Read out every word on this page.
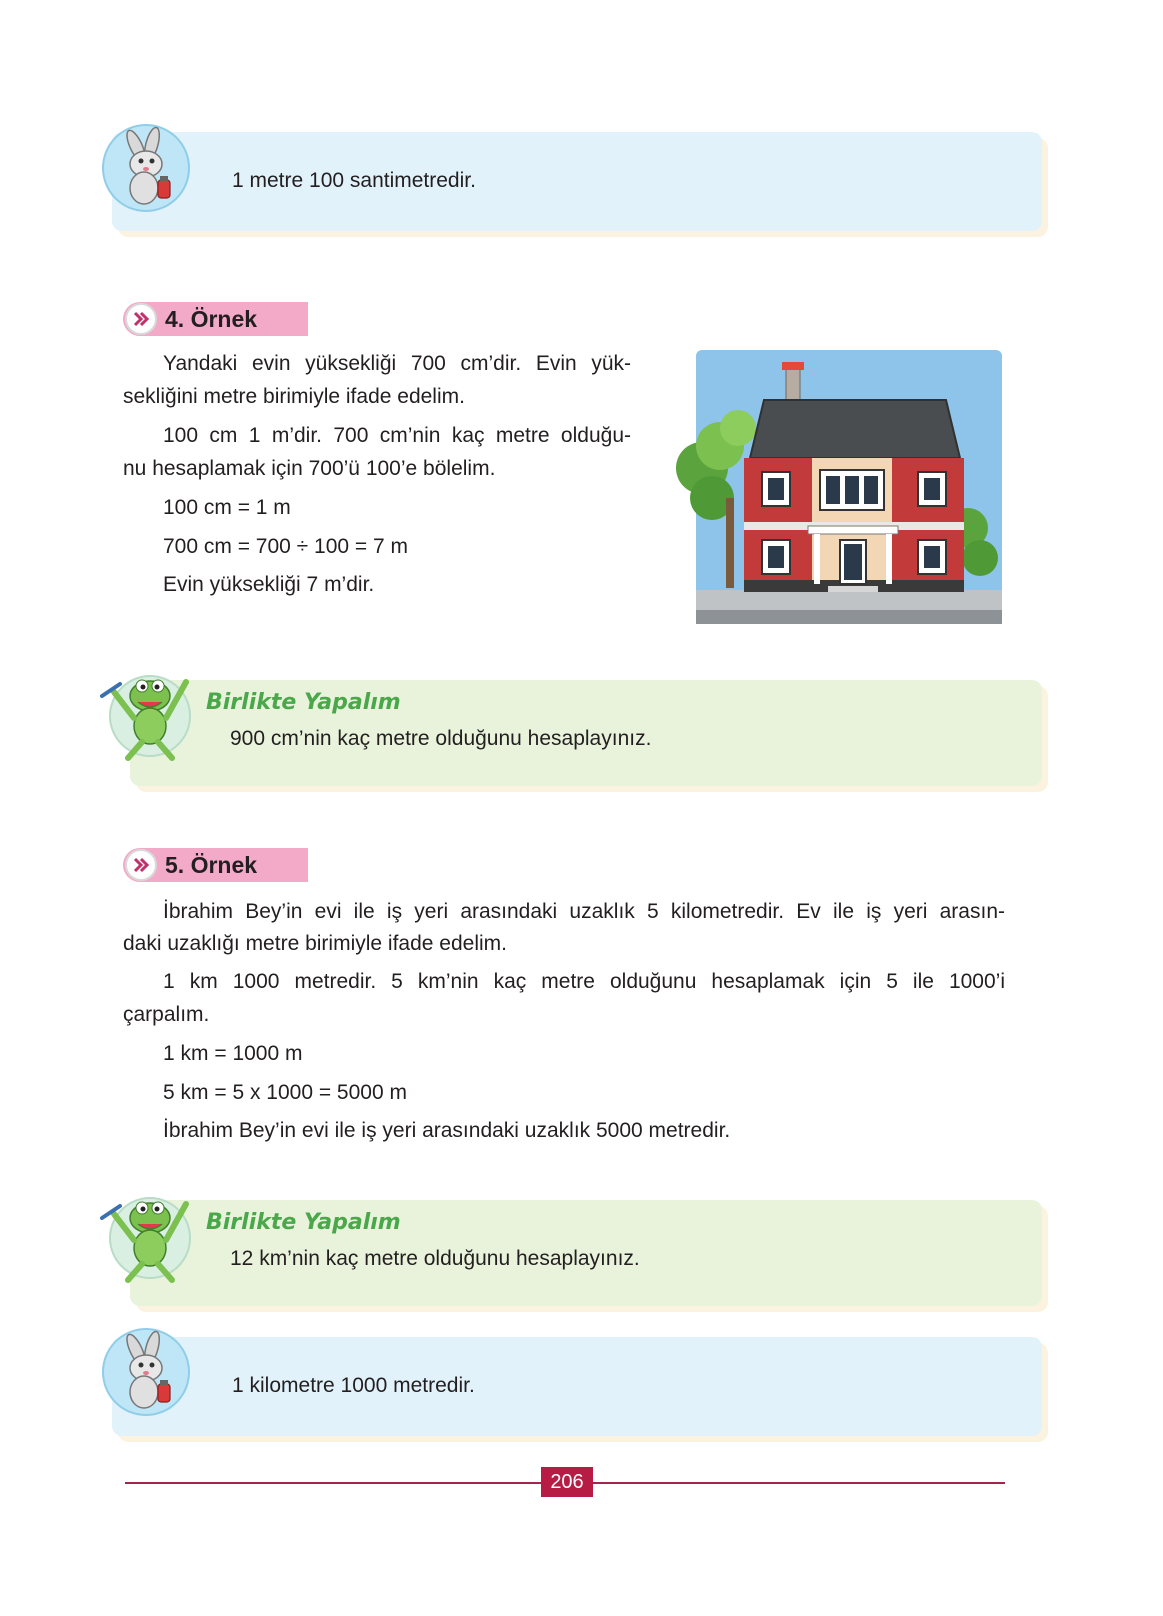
1 metre 100 santimetredir.
4. Örnek
Yandaki evin yüksekliği 700 cm’dir. Evin yük-
sekliğini metre birimiyle ifade edelim.
100 cm 1 m’dir. 700 cm’nin kaç metre olduğu-
nu hesaplamak için 700’ü 100’e bölelim.
100 cm = 1 m
700 cm = 700 ÷ 100 = 7 m
Evin yüksekliği 7 m’dir.
Birlikte Yapalım
900 cm’nin kaç metre olduğunu hesaplayınız.
5. Örnek
İbrahim Bey’in evi ile iş yeri arasındaki uzaklık 5 kilometredir. Ev ile iş yeri arasın-
daki uzaklığı metre birimiyle ifade edelim.
1 km 1000 metredir. 5 km’nin kaç metre olduğunu hesaplamak için 5 ile 1000’i
çarpalım.
1 km = 1000 m
5 km = 5 x 1000 = 5000 m
İbrahim Bey’in evi ile iş yeri arasındaki uzaklık 5000 metredir.
Birlikte Yapalım
12 km’nin kaç metre olduğunu hesaplayınız.
1 kilometre 1000 metredir.
206
